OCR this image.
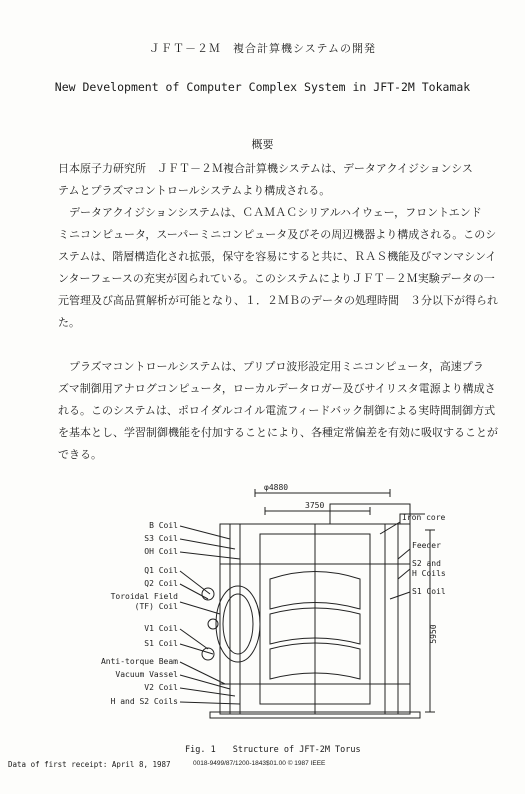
ＪＦＴ－２Ｍ　複合計算機システムの開発
New Development of Computer Complex System in JFT-2M Tokamak
概要
日本原子力研究所　ＪＦＴ－２Ｍ複合計算機システムは、データアクイジションシス
テムとプラズマコントロールシステムより構成される。
　データアクイジションシステムは、ＣＡＭＡＣシリアルハイウェー，フロントエンド
ミニコンピュータ，スーパーミニコンピュータ及びその周辺機器より構成される。このシ
ステムは、階層構造化され拡張，保守を容易にすると共に、ＲＡＳ機能及びマンマシンイ
ンターフェースの充実が図られている。このシステムによりＪＦＴ－２Ｍ実験データの一
元管理及び高品質解析が可能となり、１．２ＭＢのデータの処理時間　３分以下が得られ
た。
　プラズマコントロールシステムは、プリプロ波形設定用ミニコンピュータ，高速プラ
ズマ制御用アナログコンピュータ，ローカルデータロガー及びサイリスタ電源より構成さ
れる。このシステムは、ポロイダルコイル電流フィードバック制御による実時間制御方式
を基本とし、学習制御機能を付加することにより、各種定常偏差を有効に吸収することが
できる。
φ4880
3750
5950
B Coil
S3 Coil
OH Coil
Q1 Coil
Q2 Coil
Toroidal Field
(TF) Coil
V1 Coil
S1 Coil
Anti-torque Beam
Vacuum Vassel
V2 Coil
H and S2 Coils
Iron core
Feeder
S2 and
H Coils
S1 Coil
Fig. 1　　Structure of JFT-2M Torus
Data of first receipt: April 8, 1987	0018-9499/87/1200-1843$01.00 © 1987 IEEE
